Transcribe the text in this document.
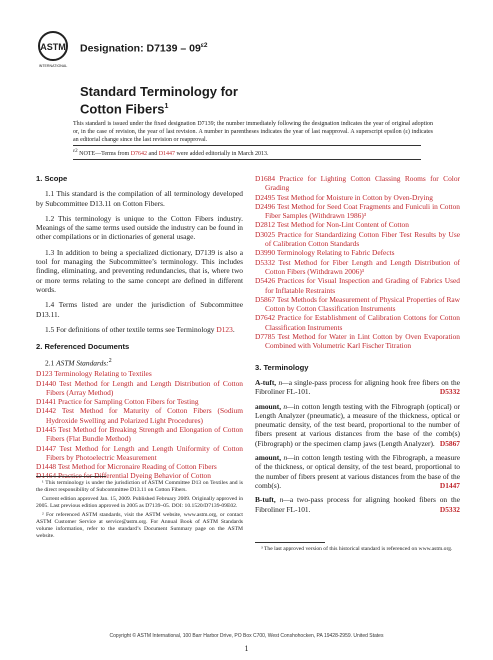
ASTM
INTERNATIONAL
Designation: $D7139 - 09^{\varepsilon 2}$
Standard Terminology for
Cotton Fibers$^1$
This standard is issued under the fixed designation D7139; the number immediately following the designation indicates the year of original adoption or, in the case of revision, the year of last revision. A number in parentheses indicates the year of last reapproval. A superscript epsilon (ε) indicates an editorial change since the last revision or reapproval.
$^{\varepsilon 2}$ NOTE—Terms from D7642 and D1447 were added editorially in March 2013.
1. Scope

1.1 This standard is the compilation of all terminology developed by Subcommittee D13.11 on Cotton Fibers.

1.2 This terminology is unique to the Cotton Fibers industry. Meanings of the same terms used outside the industry can be found in other compilations or in dictionaries of general usage.

1.3 In addition to being a specialized dictionary, D7139 is also a tool for managing the Subcommittee’s terminology. This includes finding, eliminating, and preventing redundancies, that is, where two or more terms relating to the same concept are defined in different words.

1.4 Terms listed are under the jurisdiction of Subcommittee D13.11.

1.5 For definitions of other textile terms see Terminology D123.

2. Referenced Documents

2.1 ASTM Standards:$^2$

D123 Terminology Relating to Textiles

D1440 Test Method for Length and Length Distribution of Cotton Fibers (Array Method)

D1441 Practice for Sampling Cotton Fibers for Testing

D1442 Test Method for Maturity of Cotton Fibers (Sodium Hydroxide Swelling and Polarized Light Procedures)

D1445 Test Method for Breaking Strength and Elongation of Cotton Fibers (Flat Bundle Method)

D1447 Test Method for Length and Length Uniformity of Cotton Fibers by Photoelectric Measurement

D1448 Test Method for Micronaire Reading of Cotton Fibers

D1464 Practice for Differential Dyeing Behavior of Cotton

¹ This terminology is under the jurisdiction of ASTM Committee D13 on Textiles and is the direct responsibility of Subcommittee D13.11 on Cotton Fibers.

Current edition approved Jan. 15, 2009. Published February 2009. Originally approved in 2005. Last previous edition approved in 2005 as D7139–05. DOI: 10.1520/D7139-09E02.

² For referenced ASTM standards, visit the ASTM website, www.astm.org, or contact ASTM Customer Service at service@astm.org. For Annual Book of ASTM Standards volume information, refer to the standard’s Document Summary page on the ASTM website.

D1684 Practice for Lighting Cotton Classing Rooms for Color Grading

D2495 Test Method for Moisture in Cotton by Oven-Drying

D2496 Test Method for Seed Coat Fragments and Funiculi in Cotton Fiber Samples (Withdrawn 1986)³

D2812 Test Method for Non-Lint Content of Cotton

D3025 Practice for Standardizing Cotton Fiber Test Results by Use of Calibration Cotton Standards

D3990 Terminology Relating to Fabric Defects

D5332 Test Method for Fiber Length and Length Distribution of Cotton Fibers (Withdrawn 2006)³

D5426 Practices for Visual Inspection and Grading of Fabrics Used for Inflatable Restraints

D5867 Test Methods for Measurement of Physical Properties of Raw Cotton by Cotton Classification Instruments

D7642 Practice for Establishment of Calibration Cottons for Cotton Classification Instruments

D7785 Test Method for Water in Lint Cotton by Oven Evaporation Combined with Volumetric Karl Fischer Titration

3. Terminology

A-tuft, n—a single-pass process for aligning hook free fibers on the Fibroliner FL-101.	D5332

amount, n—in cotton length testing with the Fibrograph (optical) or Length Analyzer (pneumatic), a measure of the thickness, optical or pneumatic density, of the test beard, proportional to the number of fibers present at various distances from the base of the comb(s) (Fibrograph) or the specimen clamp jaws (Length Analyzer). D5867

amount, n—in cotton length testing with the Fibrograph, a measure of the thickness, or optical density, of the test beard, proportional to the number of fibers present at various distances from the base of the comb(s).	D1447

B-tuft, n—a two-pass process for aligning hooked fibers on the Fibroliner FL-101.	D5332

³ The last approved version of this historical standard is referenced on www.astm.org.

Copyright © ASTM International, 100 Barr Harbor Drive, PO Box C700, West Conshohocken, PA 19428-2959. United States
1
